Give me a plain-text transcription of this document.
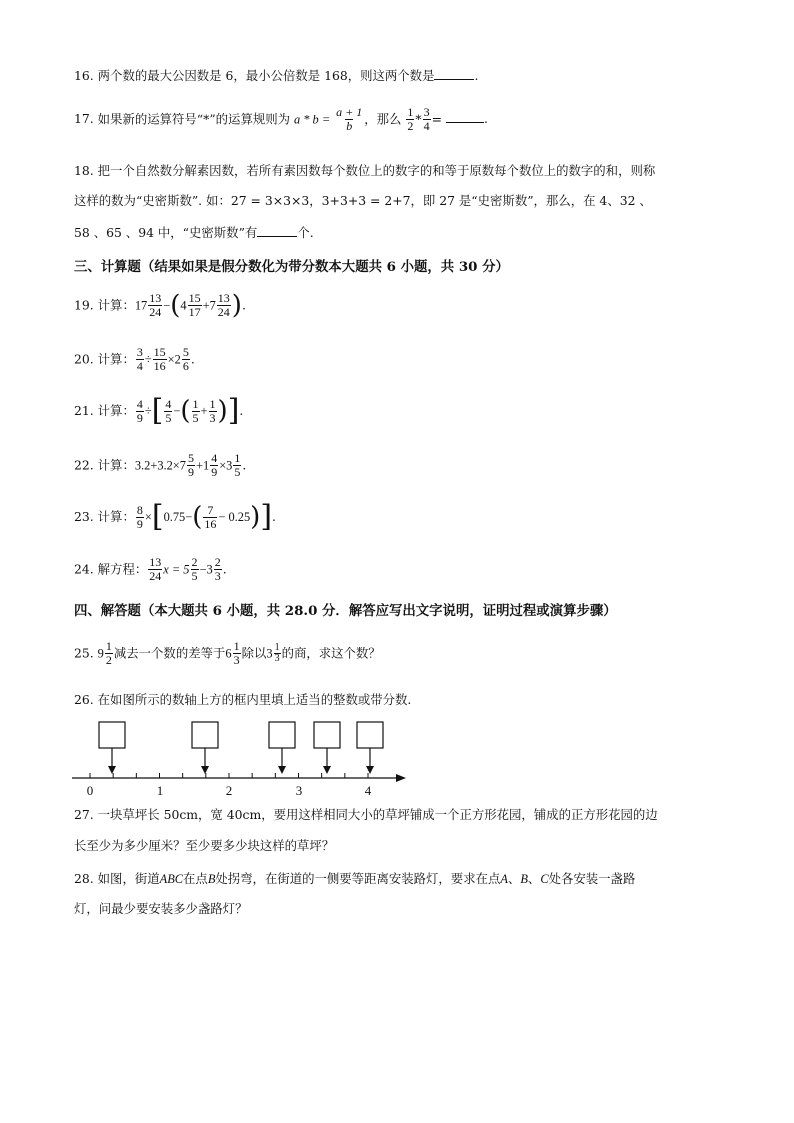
16. 两个数的最大公因数是 6，最小公倍数是 168，则这两个数是	.
17. 如果新的运算符号“*”的运算规则为 $a * b = \frac{a + 1}{b}$ ，那么 $\frac{1}{2} * \frac{3}{4}$ =	.
18. 把一个自然数分解素因数，若所有素因数每个数位上的数字的和等于原数每个数位上的数字的和，则称
这样的数为“史密斯数”. 如：27 = 3×3×3，3+3+3 = 2+7，即 27 是“史密斯数”，那么，在 4、32 、
58 、65 、94 中，“史密斯数”有	个.
三、计算题（结果如果是假分数化为带分数本大题共 6 小题，共 30 分）
19. 计算：$17 \frac{13}{24} -(4 \frac{15}{17} +7 \frac{13}{24}$ ).
20. 计算： $\frac{3}{4} \div \frac{15}{16} \times 2 \frac{5}{6}$ .
21. 计算： $\frac{4}{9}$ ÷[ $\frac{4}{5}$ −( $\frac{1}{5} + \frac{1}{3}$ )].
22. 计算：$3.2+3.2\times 7 \frac{5}{9} +1 \frac{4}{9} \times 3 \frac{1}{5}$ .
23. 计算： $\frac{8}{9} \times[0.75-( \frac{7}{16} - 0.25)]$.
24. 解方程： $\frac{13}{24}$ $x = 5 \frac{2}{5} -3 \frac{2}{3}$ .
四、解答题（本大题共 6 小题，共 28.0 分．解答应写出文字说明，证明过程或演算步骤）
25. $9 \frac{1}{2}$ 减去一个数的差等于$6 \frac{1}{3}$ 除以$3 \frac{1}{3}$ 的商，求这个数？
26. 在如图所示的数轴上方的框内里填上适当的整数或带分数.
0	1	2	3	4
27. 一块草坪长 50cm，宽 40cm，要用这样相同大小的草坪铺成一个正方形花园，铺成的正方形花园的边
长至少为多少厘米？至少要多少块这样的草坪？
28. 如图，街道ABC在点B处拐弯，在街道的一侧要等距离安装路灯，要求在点A、B、C处各安装一盏路
灯，问最少要安装多少盏路灯？
